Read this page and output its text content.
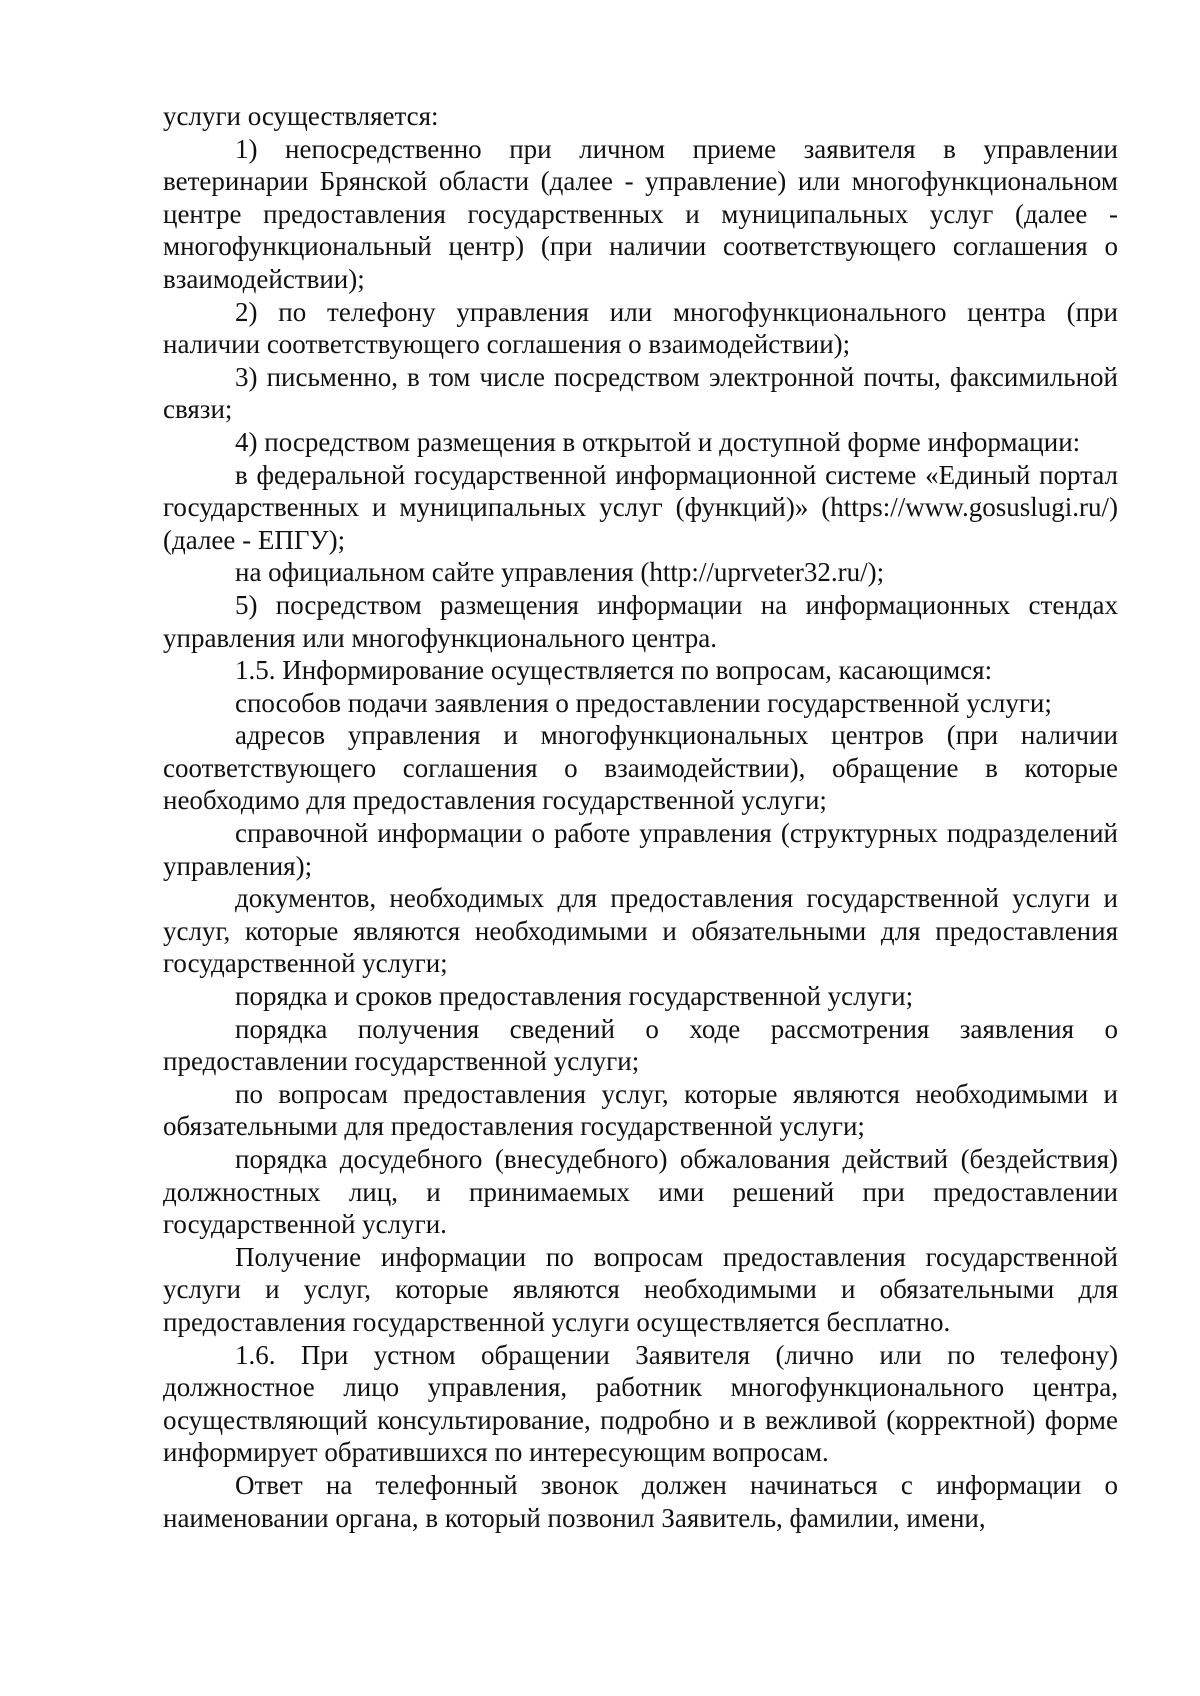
услуги осуществляется:

1) непосредственно при личном приеме заявителя в управлении ветеринарии Брянской области (далее - управление) или многофункциональном центре предоставления государственных и муниципальных услуг (далее - многофункциональный центр) (при наличии соответствующего соглашения о взаимодействии);

2) по телефону управления или многофункционального центра (при наличии соответствующего соглашения о взаимодействии);

3) письменно, в том числе посредством электронной почты, факсимильной связи;

4) посредством размещения в открытой и доступной форме информации:

в федеральной государственной информационной системе «Единый портал государственных и муниципальных услуг (функций)» (https://www.gosuslugi.ru/) (далее - ЕПГУ);

на официальном сайте управления (http://uprveter32.ru/);

5) посредством размещения информации на информационных стендах управления или многофункционального центра.

1.5. Информирование осуществляется по вопросам, касающимся:

способов подачи заявления о предоставлении государственной услуги;

адресов управления и многофункциональных центров (при наличии соответствующего соглашения о взаимодействии), обращение в которые необходимо для предоставления государственной услуги;

справочной информации о работе управления (структурных подразделений управления);

документов, необходимых для предоставления государственной услуги и услуг, которые являются необходимыми и обязательными для предоставления государственной услуги;

порядка и сроков предоставления государственной услуги;

порядка получения сведений о ходе рассмотрения заявления о предоставлении государственной услуги;

по вопросам предоставления услуг, которые являются необходимыми и обязательными для предоставления государственной услуги;

порядка досудебного (внесудебного) обжалования действий (бездействия) должностных лиц, и принимаемых ими решений при предоставлении государственной услуги.

Получение информации по вопросам предоставления государственной услуги и услуг, которые являются необходимыми и обязательными для предоставления государственной услуги осуществляется бесплатно.

1.6. При устном обращении Заявителя (лично или по телефону) должностное лицо управления, работник многофункционального центра, осуществляющий консультирование, подробно и в вежливой (корректной) форме информирует обратившихся по интересующим вопросам.

Ответ на телефонный звонок должен начинаться с информации о наименовании органа, в который позвонил Заявитель, фамилии, имени,
